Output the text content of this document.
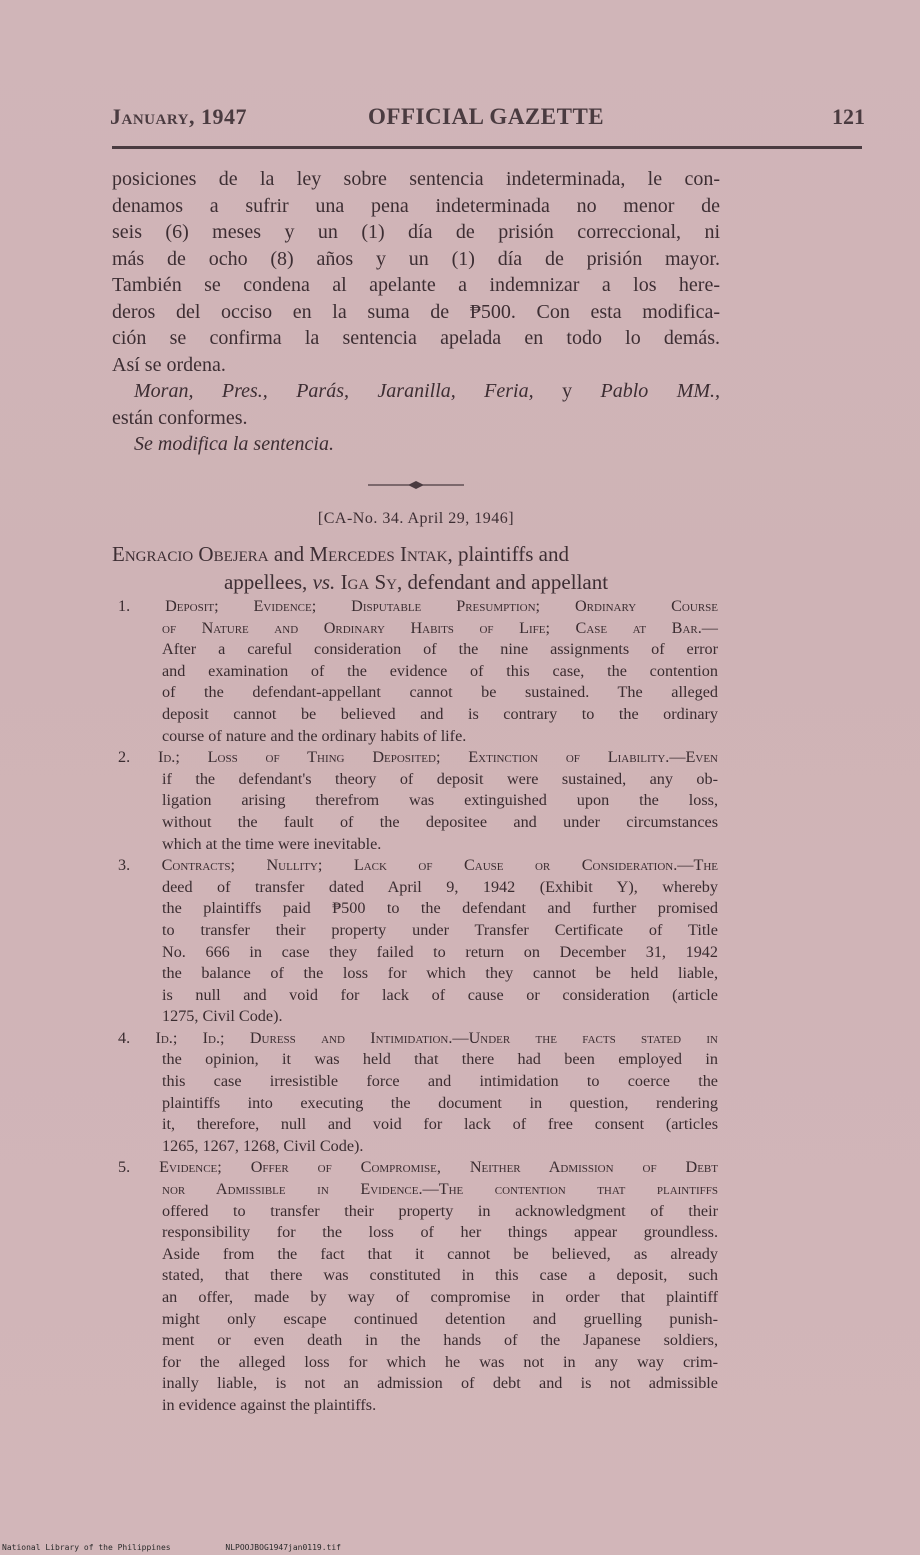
January, 1947	OFFICIAL GAZETTE	121
posiciones de la ley sobre sentencia indeterminada, le con-
denamos a sufrir una pena indeterminada no menor de
seis (6) meses y un (1) día de prisión correccional, ni
más de ocho (8) años y un (1) día de prisión mayor.
También se condena al apelante a indemnizar a los here-
deros del occiso en la suma de ₱500. Con esta modifica-
ción se confirma la sentencia apelada en todo lo demás.
Así se ordena.
Moran, Pres., Parás, Jaranilla, Feria, y Pablo MM.,
están conformes.
Se modifica la sentencia.
[CA-No. 34. April 29, 1946]
Engracio Obejera and Mercedes Intak, plaintiffs and
appellees, vs. Iga Sy, defendant and appellant
1. Deposit; Evidence; Disputable Presumption; Ordinary Course
of Nature and Ordinary Habits of Life; Case at Bar.—
After a careful consideration of the nine assignments of error
and examination of the evidence of this case, the contention
of the defendant-appellant cannot be sustained. The alleged
deposit cannot be believed and is contrary to the ordinary
course of nature and the ordinary habits of life.
2. Id.; Loss of Thing Deposited; Extinction of Liability.—Even
if the defendant's theory of deposit were sustained, any ob-
ligation arising therefrom was extinguished upon the loss,
without the fault of the depositee and under circumstances
which at the time were inevitable.
3. Contracts; Nullity; Lack of Cause or Consideration.—The
deed of transfer dated April 9, 1942 (Exhibit Y), whereby
the plaintiffs paid ₱500 to the defendant and further promised
to transfer their property under Transfer Certificate of Title
No. 666 in case they failed to return on December 31, 1942
the balance of the loss for which they cannot be held liable,
is null and void for lack of cause or consideration (article
1275, Civil Code).
4. Id.; Id.; Duress and Intimidation.—Under the facts stated in
the opinion, it was held that there had been employed in
this case irresistible force and intimidation to coerce the
plaintiffs into executing the document in question, rendering
it, therefore, null and void for lack of free consent (articles
1265, 1267, 1268, Civil Code).
5. Evidence; Offer of Compromise, Neither Admission of Debt
nor Admissible in Evidence.—The contention that plaintiffs
offered to transfer their property in acknowledgment of their
responsibility for the loss of her things appear groundless.
Aside from the fact that it cannot be believed, as already
stated, that there was constituted in this case a deposit, such
an offer, made by way of compromise in order that plaintiff
might only escape continued detention and gruelling punish-
ment or even death in the hands of the Japanese soldiers,
for the alleged loss for which he was not in any way crim-
inally liable, is not an admission of debt and is not admissible
in evidence against the plaintiffs.
National Library of the Philippines	NLPOOJBOG1947jan0119.tif
